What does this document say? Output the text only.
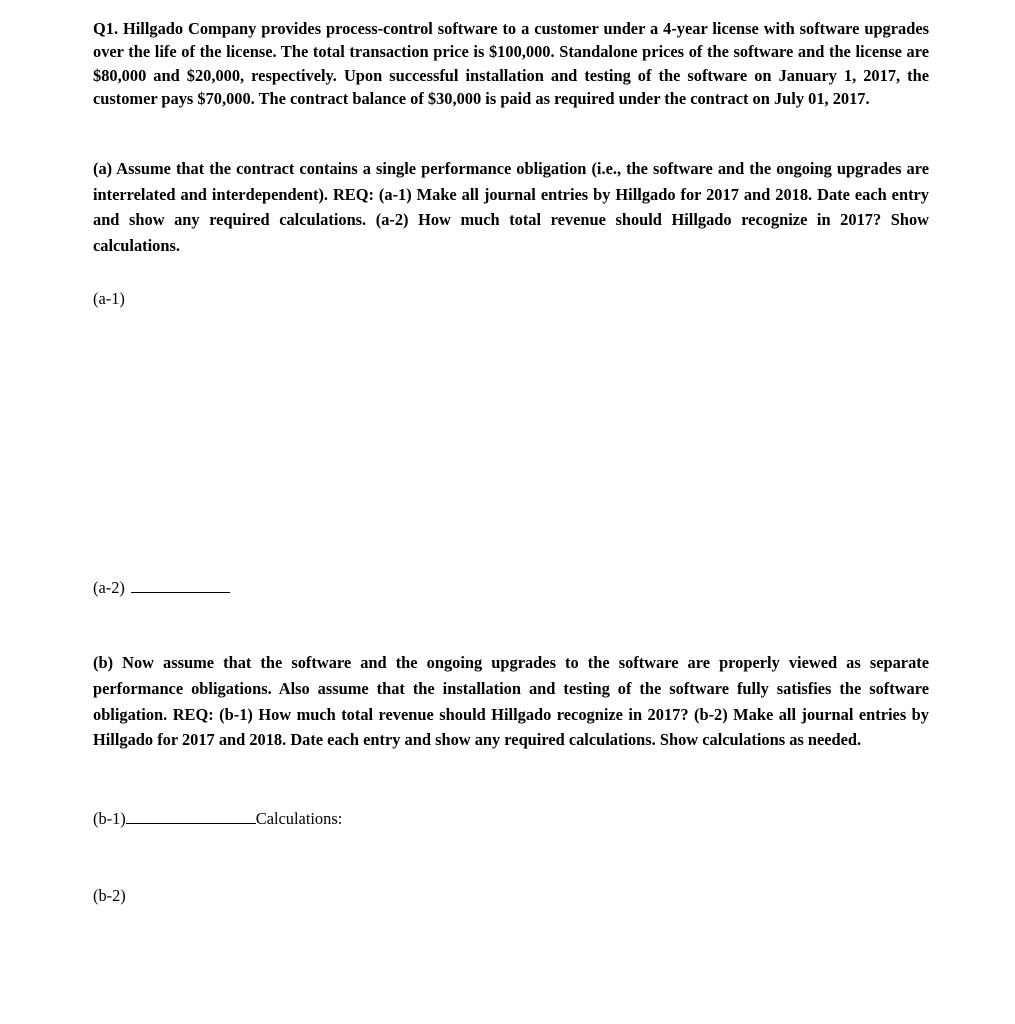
Q1. Hillgado Company provides process-control software to a customer under a 4-year license with software upgrades over the life of the license. The total transaction price is $100,000. Standalone prices of the software and the license are $80,000 and $20,000, respectively. Upon successful installation and testing of the software on January 1, 2017, the customer pays $70,000. The contract balance of $30,000 is paid as required under the contract on July 01, 2017.

(a) Assume that the contract contains a single performance obligation (i.e., the software and the ongoing upgrades are interrelated and interdependent). REQ: (a-1) Make all journal entries by Hillgado for 2017 and 2018. Date each entry and show any required calculations. (a-2) How much total revenue should Hillgado recognize in 2017? Show calculations.

(a-1)
(a-2)

(b) Now assume that the software and the ongoing upgrades to the software are properly viewed as separate performance obligations. Also assume that the installation and testing of the software fully satisfies the software obligation. REQ: (b-1) How much total revenue should Hillgado recognize in 2017? (b-2) Make all journal entries by Hillgado for 2017 and 2018. Date each entry and show any required calculations. Show calculations as needed.

(b-1)	Calculations:
(b-2)
